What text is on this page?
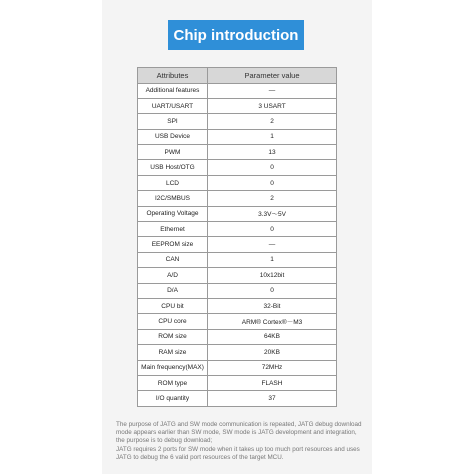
Chip introduction
Attributes	Parameter value
Additional features	—
UART/USART	3 USART
SPI	2
USB Device	1
PWM	13
USB Host/OTG	0
LCD	0
I2C/SMBUS	2
Operating Voltage	3.3V～5V
Ethernet	0
EEPROM size	—
CAN	1
A/D	10x12bit
D/A	0
CPU bit	32-Bit
CPU core	ARM® Cortex®－M3
ROM size	64KB
RAM size	20KB
Main frequency(MAX)	72MHz
ROM type	FLASH
I/O quantity	37

The purpose of JATG and SW mode communication is repeated, JATG debug download mode appears earlier than SW mode, SW mode is JATG development and integration, the purpose is to debug download;

JATG requires 2 ports for SW mode when it takes up too much port resources and uses JATG to debug the 6 valid port resources of the target MCU.
